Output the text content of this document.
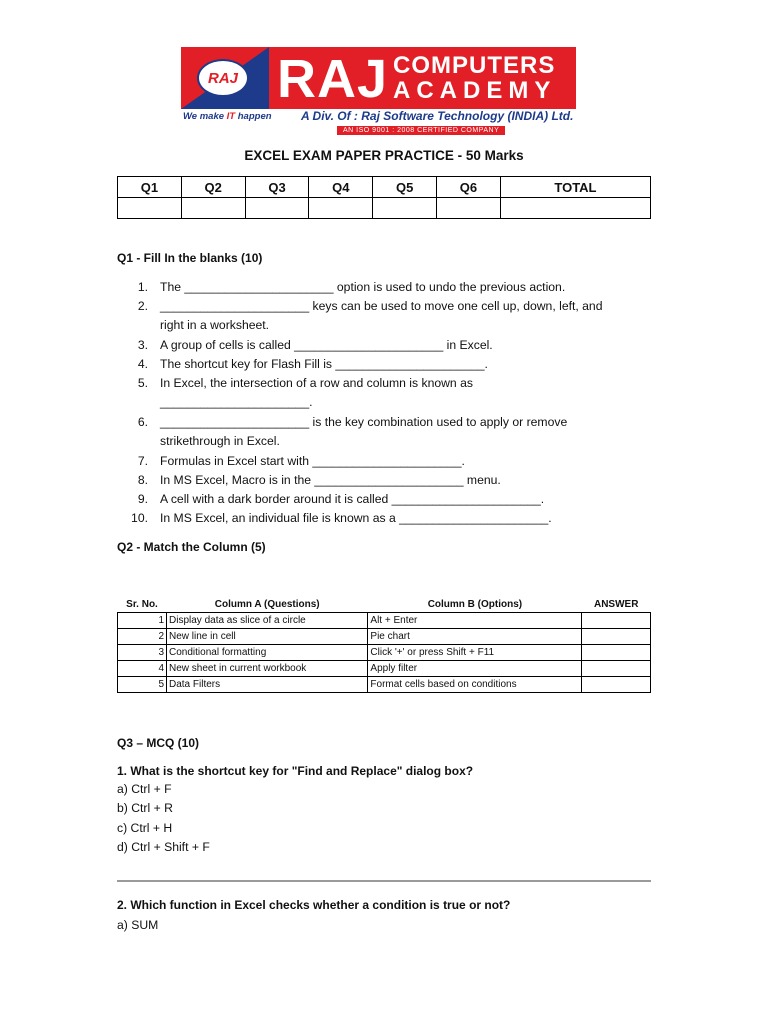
RAJ RAJ COMPUTERS
ACADEMY
We make IT happen A Div. Of : Raj Software Technology (INDIA) Ltd.
AN ISO 9001 : 2008 CERTIFIED COMPANY
EXCEL EXAM PAPER PRACTICE - 50 Marks
Q1	Q2	Q3	Q4	Q5	Q6	TOTAL

Q1 - Fill In the blanks (10)
1. The ______________________ option is used to undo the previous action.
2. ______________________ keys can be used to move one cell up, down, left, and
right in a worksheet.
3. A group of cells is called ______________________ in Excel.
4. The shortcut key for Flash Fill is ______________________.
5. In Excel, the intersection of a row and column is known as
______________________.
6. ______________________ is the key combination used to apply or remove
strikethrough in Excel.
7. Formulas in Excel start with ______________________.
8. In MS Excel, Macro is in the ______________________ menu.
9. A cell with a dark border around it is called ______________________.
10. In MS Excel, an individual file is known as a ______________________.
Q2 - Match the Column (5)
Sr. No.	Column A (Questions)	Column B (Options)	ANSWER
1	Display data as slice of a circle	Alt + Enter	
2	New line in cell	Pie chart	
3	Conditional formatting	Click '+' or press Shift + F11	
4	New sheet in current workbook	Apply filter	
5	Data Filters	Format cells based on conditions	
Q3 – MCQ (10)
1. What is the shortcut key for "Find and Replace" dialog box?
a) Ctrl + F
b) Ctrl + R
c) Ctrl + H
d) Ctrl + Shift + F
2. Which function in Excel checks whether a condition is true or not?
a) SUM
